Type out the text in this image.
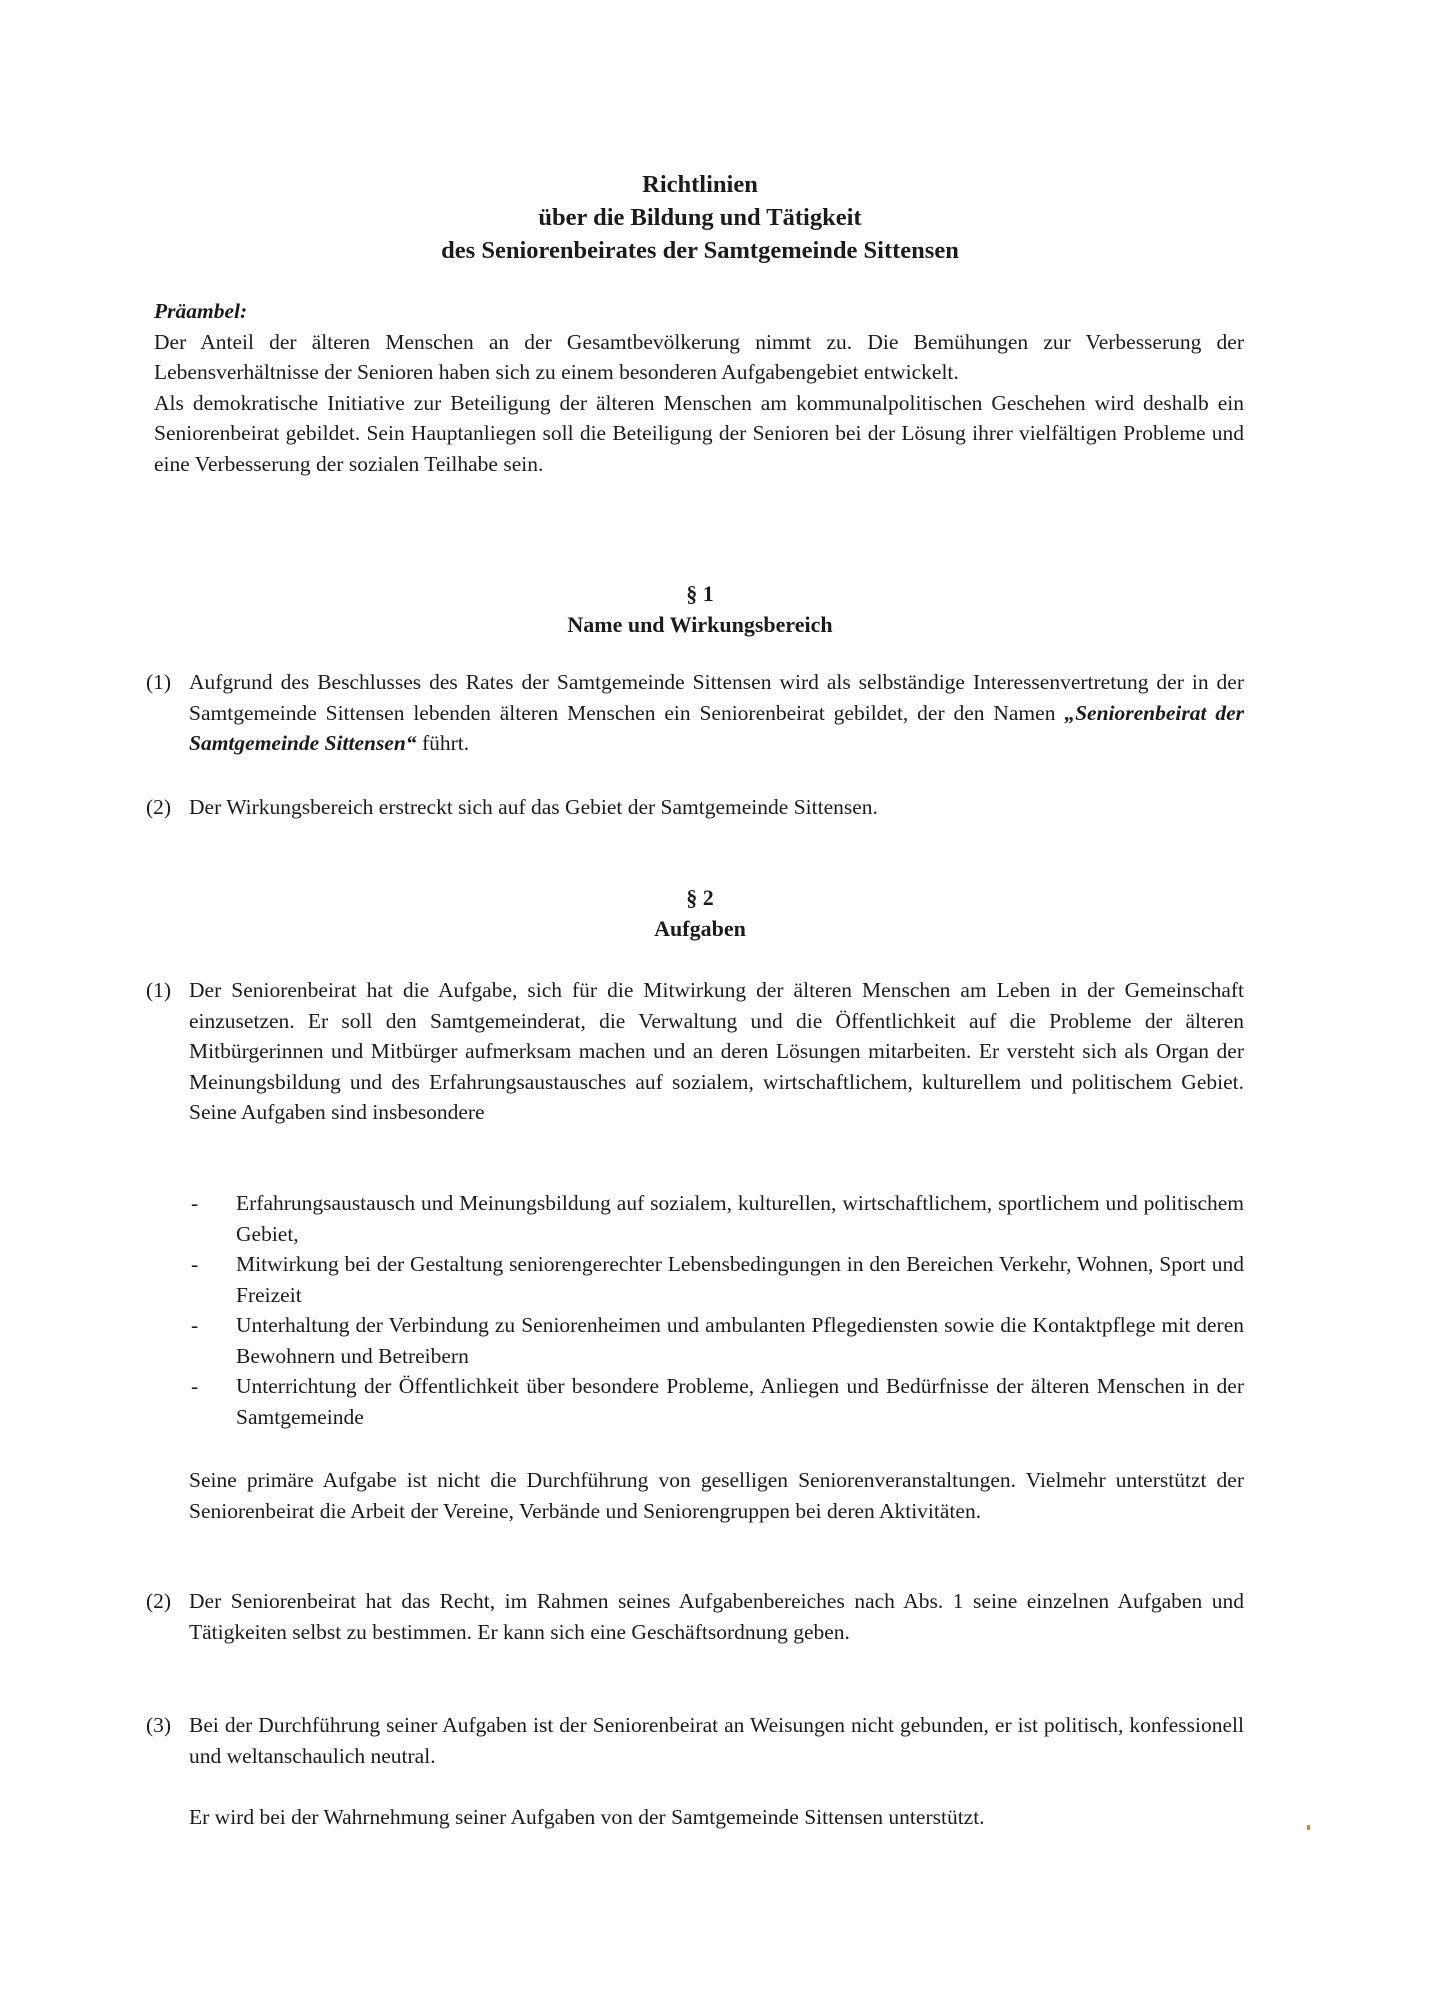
Richtlinien
über die Bildung und Tätigkeit
des Seniorenbeirates der Samtgemeinde Sittensen

Präambel:

Der Anteil der älteren Menschen an der Gesamtbevölkerung nimmt zu. Die Bemühungen zur Verbesserung der Lebensverhältnisse der Senioren haben sich zu einem besonderen Aufgabengebiet entwickelt.

Als demokratische Initiative zur Beteiligung der älteren Menschen am kommunalpolitischen Geschehen wird deshalb ein Seniorenbeirat gebildet. Sein Hauptanliegen soll die Beteiligung der Senioren bei der Lösung ihrer vielfältigen Probleme und eine Verbesserung der sozialen Teilhabe sein.

§ 1
Name und Wirkungsbereich
(1) Aufgrund des Beschlusses des Rates der Samtgemeinde Sittensen wird als selbständige Interessenvertretung der in der Samtgemeinde Sittensen lebenden älteren Menschen ein Seniorenbeirat gebildet, der den Namen „Seniorenbeirat der Samtgemeinde Sittensen“ führt.
(2) Der Wirkungsbereich erstreckt sich auf das Gebiet der Samtgemeinde Sittensen.
§ 2
Aufgaben
(1) Der Seniorenbeirat hat die Aufgabe, sich für die Mitwirkung der älteren Menschen am Leben in der Gemeinschaft einzusetzen. Er soll den Samtgemeinderat, die Verwaltung und die Öffentlichkeit auf die Probleme der älteren Mitbürgerinnen und Mitbürger aufmerksam machen und an deren Lösungen mitarbeiten. Er versteht sich als Organ der Meinungsbildung und des Erfahrungsaustausches auf sozialem, wirtschaftlichem, kulturellem und politischem Gebiet. Seine Aufgaben sind insbesondere
-	Erfahrungsaustausch und Meinungsbildung auf sozialem, kulturellen, wirtschaftlichem, sportlichem und politischem Gebiet,
-	Mitwirkung bei der Gestaltung seniorengerechter Lebensbedingungen in den Bereichen Verkehr, Wohnen, Sport und Freizeit
-	Unterhaltung der Verbindung zu Seniorenheimen und ambulanten Pflegediensten sowie die Kontaktpflege mit deren Bewohnern und Betreibern
-	Unterrichtung der Öffentlichkeit über besondere Probleme, Anliegen und Bedürfnisse der älteren Menschen in der Samtgemeinde
Seine primäre Aufgabe ist nicht die Durchführung von geselligen Seniorenveranstaltungen. Vielmehr unterstützt der Seniorenbeirat die Arbeit der Vereine, Verbände und Seniorengruppen bei deren Aktivitäten.
(2) Der Seniorenbeirat hat das Recht, im Rahmen seines Aufgabenbereiches nach Abs. 1 seine einzelnen Aufgaben und Tätigkeiten selbst zu bestimmen. Er kann sich eine Geschäftsordnung geben.
(3) Bei der Durchführung seiner Aufgaben ist der Seniorenbeirat an Weisungen nicht gebunden, er ist politisch, konfessionell und weltanschaulich neutral.
Er wird bei der Wahrnehmung seiner Aufgaben von der Samtgemeinde Sittensen unterstützt.
